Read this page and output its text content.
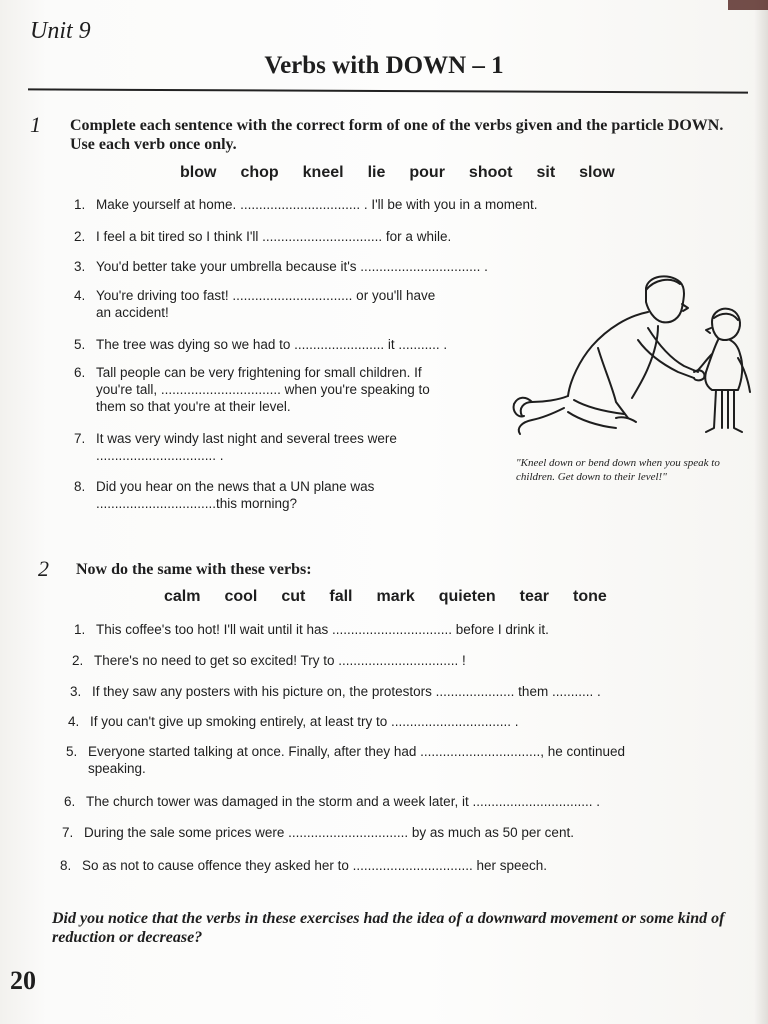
Unit 9
Verbs with DOWN – 1
1 Complete each sentence with the correct form of one of the verbs given and the particle DOWN. Use each verb once only.
blow chop kneel lie pour shoot sit slow
1. Make yourself at home. ................................ . I'll be with you in a moment.
2. I feel a bit tired so I think I'll ................................ for a while.
3. You'd better take your umbrella because it's ................................ .
4. You're driving too fast! ................................ or you'll have
an accident!
5. The tree was dying so we had to ........................ it ........... .
6. Tall people can be very frightening for small children. If
you're tall, ................................ when you're speaking to
them so that you're at their level.
7. It was very windy last night and several trees were
................................ .
8. Did you hear on the news that a UN plane was
................................this morning?
"Kneel down or bend down when you speak to children. Get down to their level!"
2 Now do the same with these verbs:
calm cool cut fall mark quieten tear tone
1. This coffee's too hot! I'll wait until it has ................................ before I drink it.
2. There's no need to get so excited! Try to ................................ !
3. If they saw any posters with his picture on, the protestors ..................... them ........... .
4. If you can't give up smoking entirely, at least try to ................................ .
5. Everyone started talking at once. Finally, after they had ................................, he continued
speaking.
6. The church tower was damaged in the storm and a week later, it ................................ .
7. During the sale some prices were ................................ by as much as 50 per cent.
8. So as not to cause offence they asked her to ................................ her speech.
Did you notice that the verbs in these exercises had the idea of a downward movement or some kind of reduction or decrease?
20
